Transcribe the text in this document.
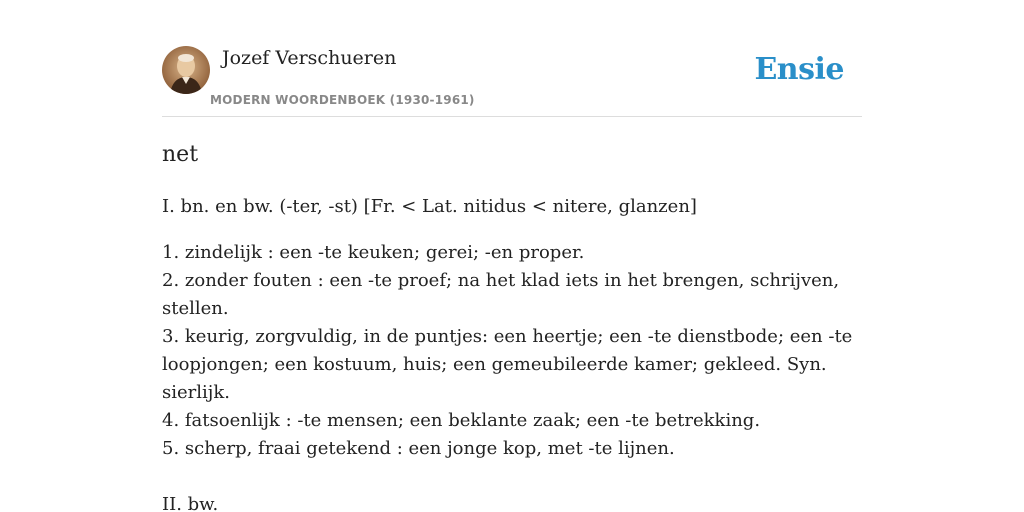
Jozef Verschueren
MODERN WOORDENBOEK (1930-1961)
Ensie
net

I. bn. en bw. (-ter, -st) [Fr. < Lat. nitidus < nitere, glanzen]

1. zindelijk : een -te keuken; gerei; -en proper.

2. zonder fouten : een -te proef; na het klad iets in het brengen, schrijven, stellen.

3. keurig, zorgvuldig, in de puntjes: een heertje; een -te dienstbode; een -te loopjongen; een kostuum, huis; een gemeubileerde kamer; gekleed. Syn. sierlijk.

4. fatsoenlijk : -te mensen; een beklante zaak; een -te betrekking.

5. scherp, fraai getekend : een jonge kop, met -te lijnen.

II. bw.
